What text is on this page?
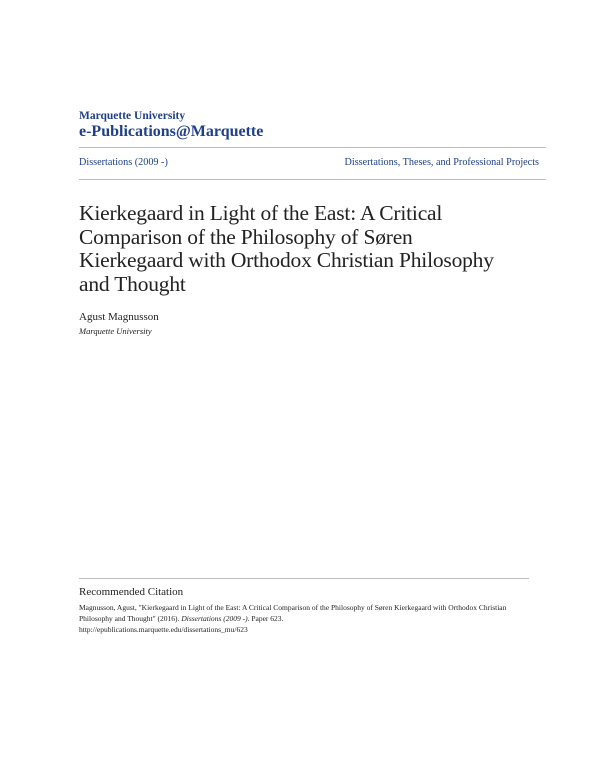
Marquette University
e-Publications@Marquette
Dissertations (2009 -)	Dissertations, Theses, and Professional Projects
Kierkegaard in Light of the East: A Critical
Comparison of the Philosophy of Søren
Kierkegaard with Orthodox Christian Philosophy
and Thought
Agust Magnusson
Marquette University
Recommended Citation
Magnusson, Agust, "Kierkegaard in Light of the East: A Critical Comparison of the Philosophy of Søren Kierkegaard with Orthodox Christian Philosophy and Thought" (2016). Dissertations (2009 -). Paper 623.
http://epublications.marquette.edu/dissertations_mu/623
